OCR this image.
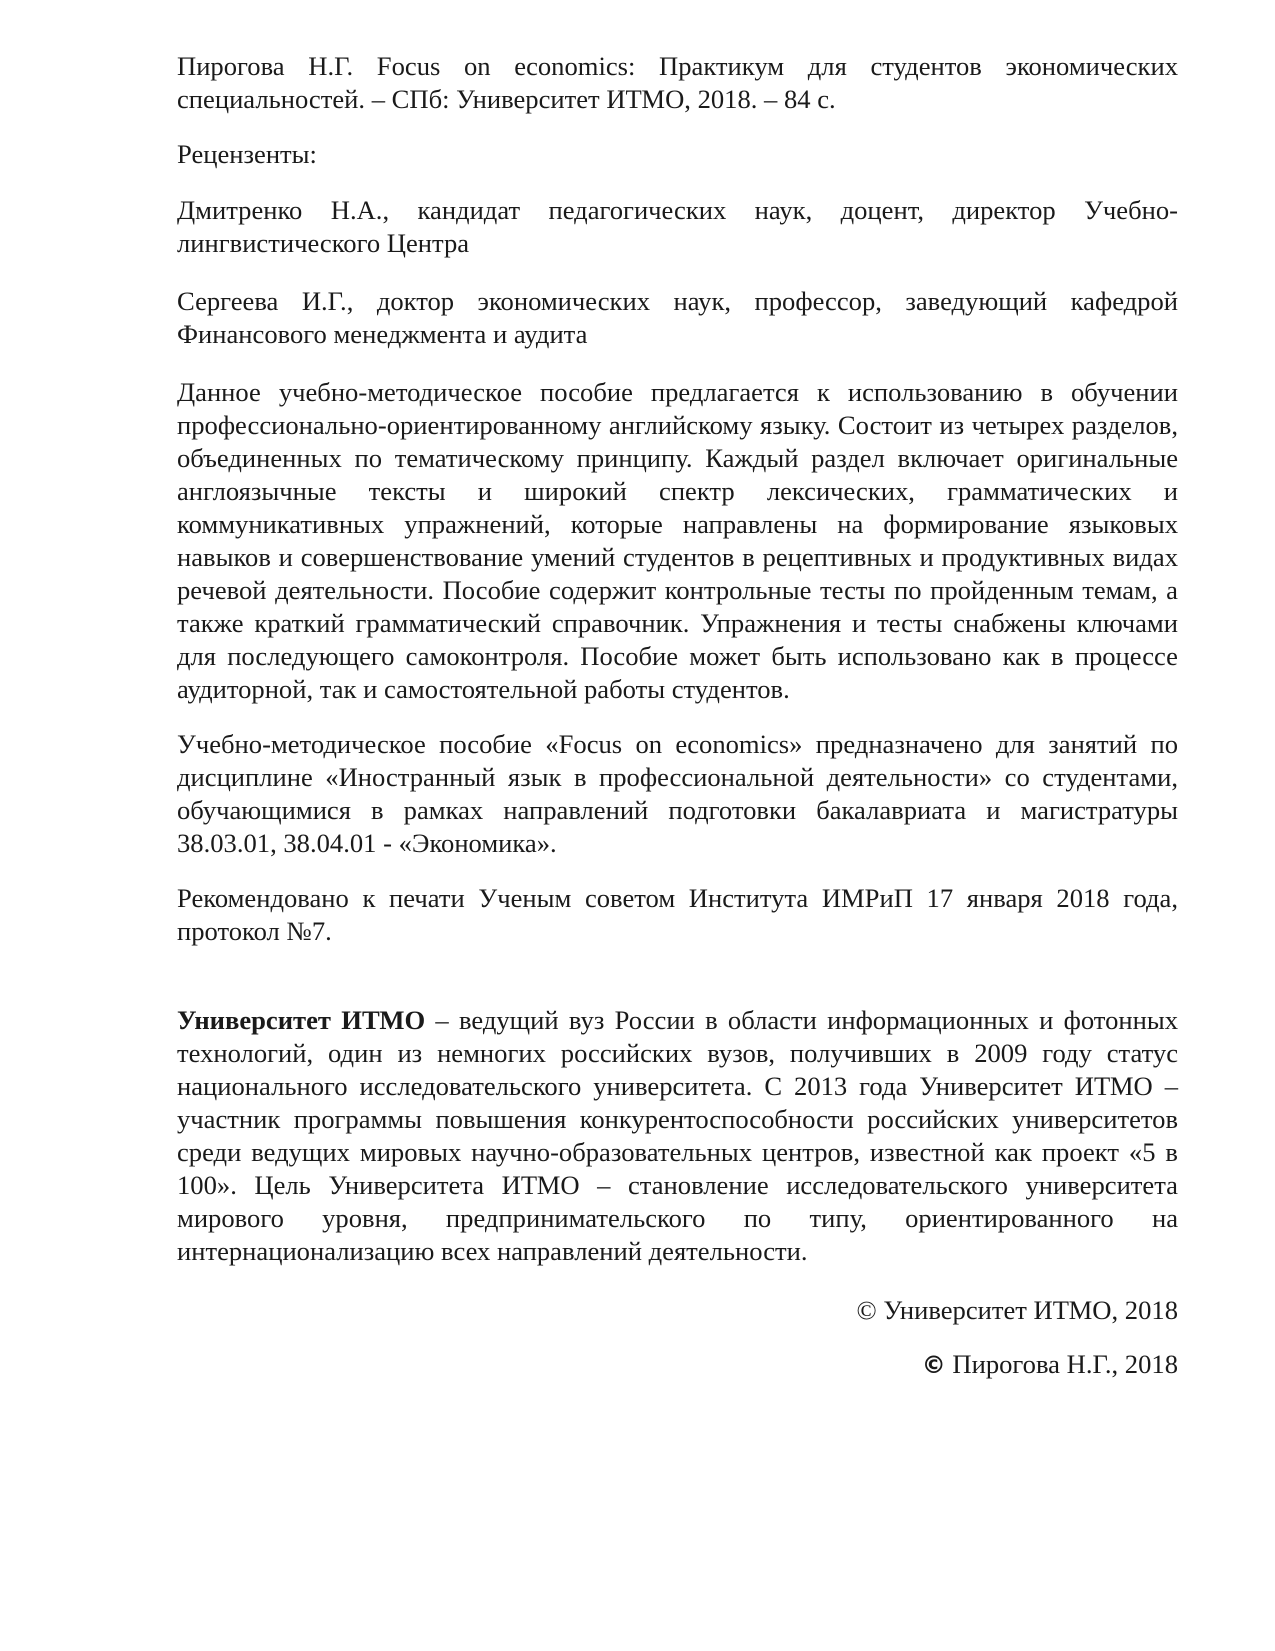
Пирогова Н.Г. Focus on economics: Практикум для студентов экономических специальностей. – СПб: Университет ИТМО, 2018. – 84 с.

Рецензенты:

Дмитренко Н.А., кандидат педагогических наук, доцент, директор Учебно-лингвистического Центра

Сергеева И.Г., доктор экономических наук, профессор, заведующий кафедрой Финансового менеджмента и аудита

Данное учебно-методическое пособие предлагается к использованию в обучении профессионально-ориентированному английскому языку. Состоит из четырех разделов, объединенных по тематическому принципу. Каждый раздел включает оригинальные англоязычные тексты и широкий спектр лексических, грамматических и коммуникативных упражнений, которые направлены на формирование языковых навыков и совершенствование умений студентов в рецептивных и продуктивных видах речевой деятельности. Пособие содержит контрольные тесты по пройденным темам, а также краткий грамматический справочник. Упражнения и тесты снабжены ключами для последующего самоконтроля. Пособие может быть использовано как в процессе аудиторной, так и самостоятельной работы студентов.

Учебно-методическое пособие «Focus on economics» предназначено для занятий по дисциплине «Иностранный язык в профессиональной деятельности» со студентами, обучающимися в рамках направлений подготовки бакалавриата и магистратуры 38.03.01, 38.04.01 - «Экономика».

Рекомендовано к печати Ученым советом Института ИМРиП 17 января 2018 года, протокол №7.

Университет ИТМО – ведущий вуз России в области информационных и фотонных технологий, один из немногих российских вузов, получивших в 2009 году статус национального исследовательского университета. С 2013 года Университет ИТМО – участник программы повышения конкурентоспособности российских университетов среди ведущих мировых научно-образовательных центров, известной как проект «5 в 100». Цель Университета ИТМО – становление исследовательского университета мирового уровня, предпринимательского по типу, ориентированного на интернационализацию всех направлений деятельности.

© Университет ИТМО, 2018

© Пирогова Н.Г., 2018
